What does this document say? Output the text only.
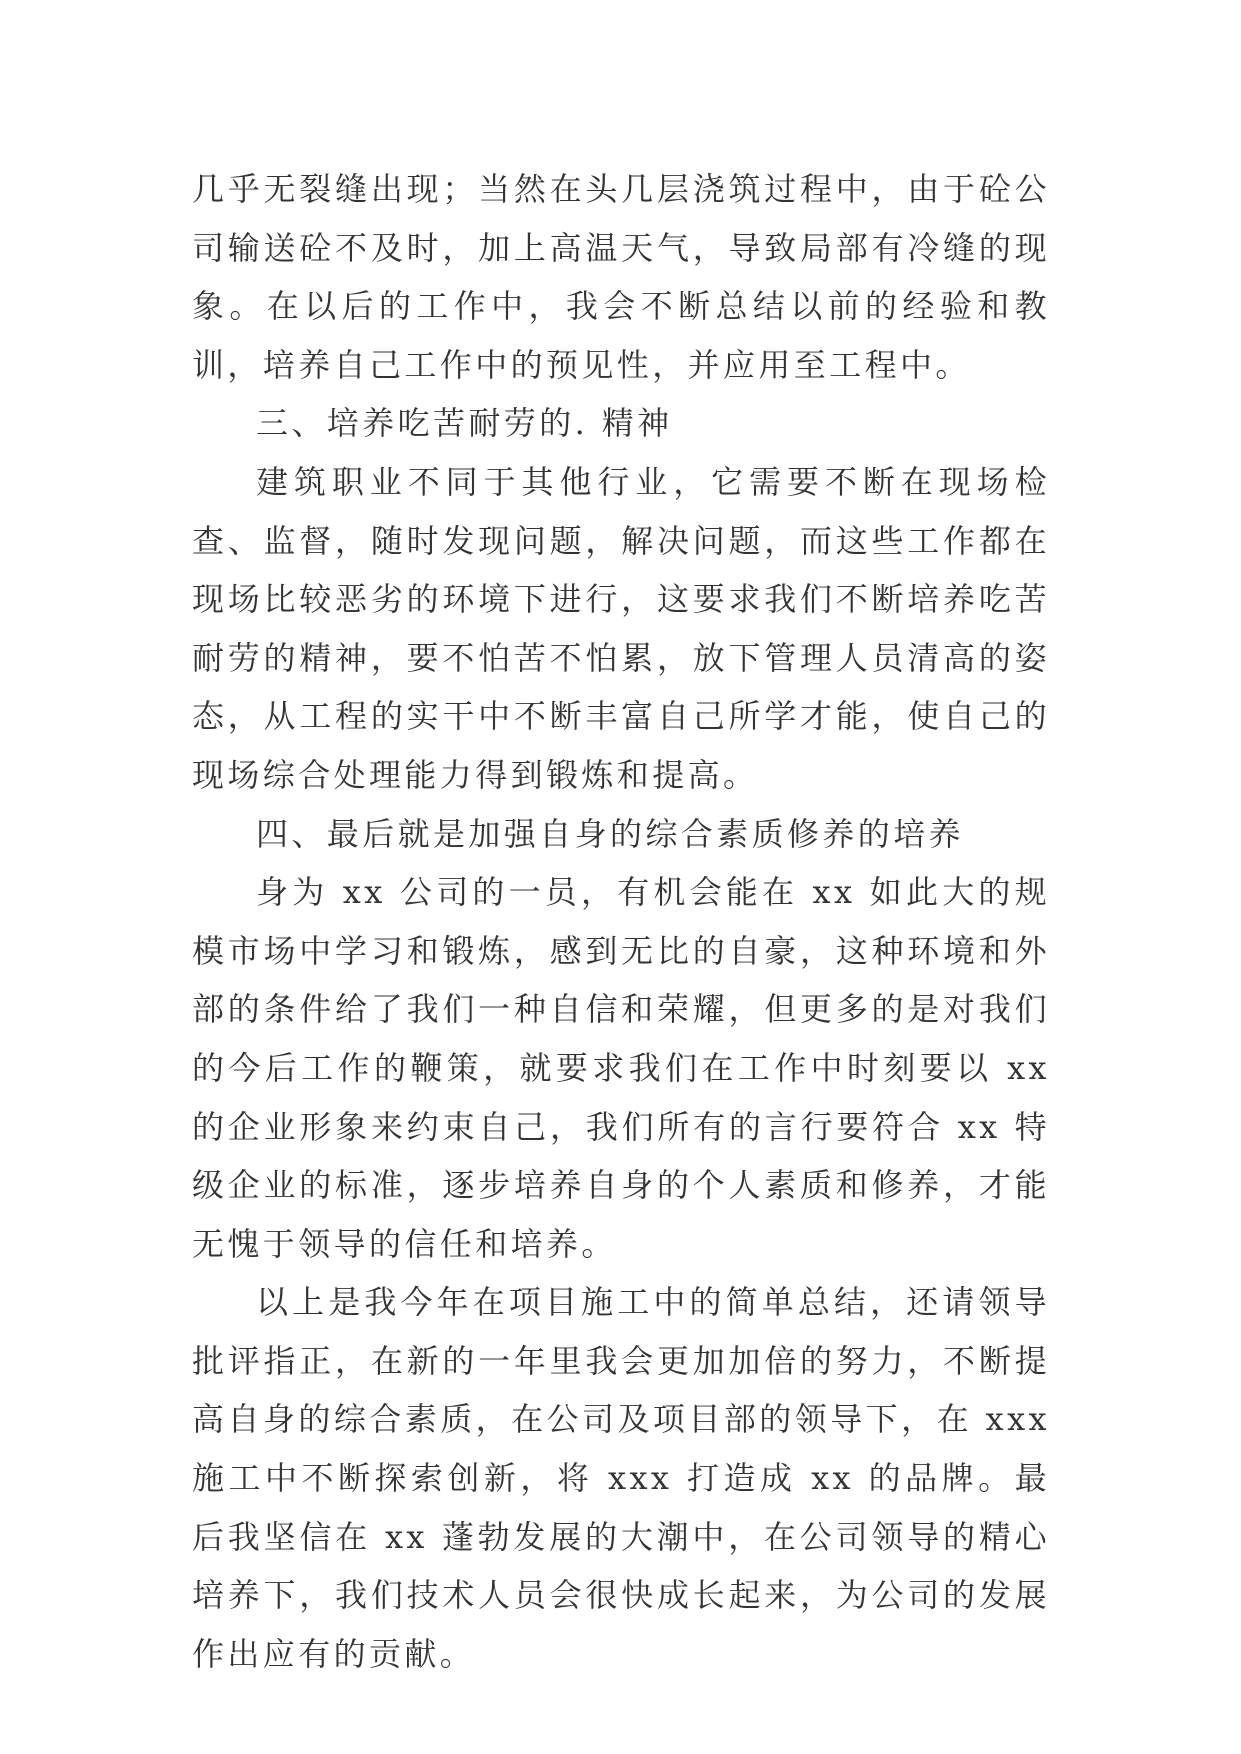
几乎无裂缝出现；当然在头几层浇筑过程中，由于砼公司输送砼不及时，加上高温天气，导致局部有冷缝的现象。在以后的工作中，我会不断总结以前的经验和教训，培养自己工作中的预见性，并应用至工程中。

三、培养吃苦耐劳的. 精神

建筑职业不同于其他行业，它需要不断在现场检查、监督，随时发现问题，解决问题，而这些工作都在现场比较恶劣的环境下进行，这要求我们不断培养吃苦耐劳的精神，要不怕苦不怕累，放下管理人员清高的姿态，从工程的实干中不断丰富自己所学才能，使自己的现场综合处理能力得到锻炼和提高。

四、最后就是加强自身的综合素质修养的培养

身为 xx 公司的一员，有机会能在 xx 如此大的规模市场中学习和锻炼，感到无比的自豪，这种环境和外部的条件给了我们一种自信和荣耀，但更多的是对我们的今后工作的鞭策，就要求我们在工作中时刻要以 xx 的企业形象来约束自己，我们所有的言行要符合 xx 特级企业的标准，逐步培养自身的个人素质和修养，才能无愧于领导的信任和培养。

以上是我今年在项目施工中的简单总结，还请领导批评指正，在新的一年里我会更加加倍的努力，不断提高自身的综合素质，在公司及项目部的领导下，在 xxx 施工中不断探索创新，将 xxx 打造成 xx 的品牌。最后我坚信在 xx 蓬勃发展的大潮中，在公司领导的精心培养下，我们技术人员会很快成长起来，为公司的发展作出应有的贡献。
